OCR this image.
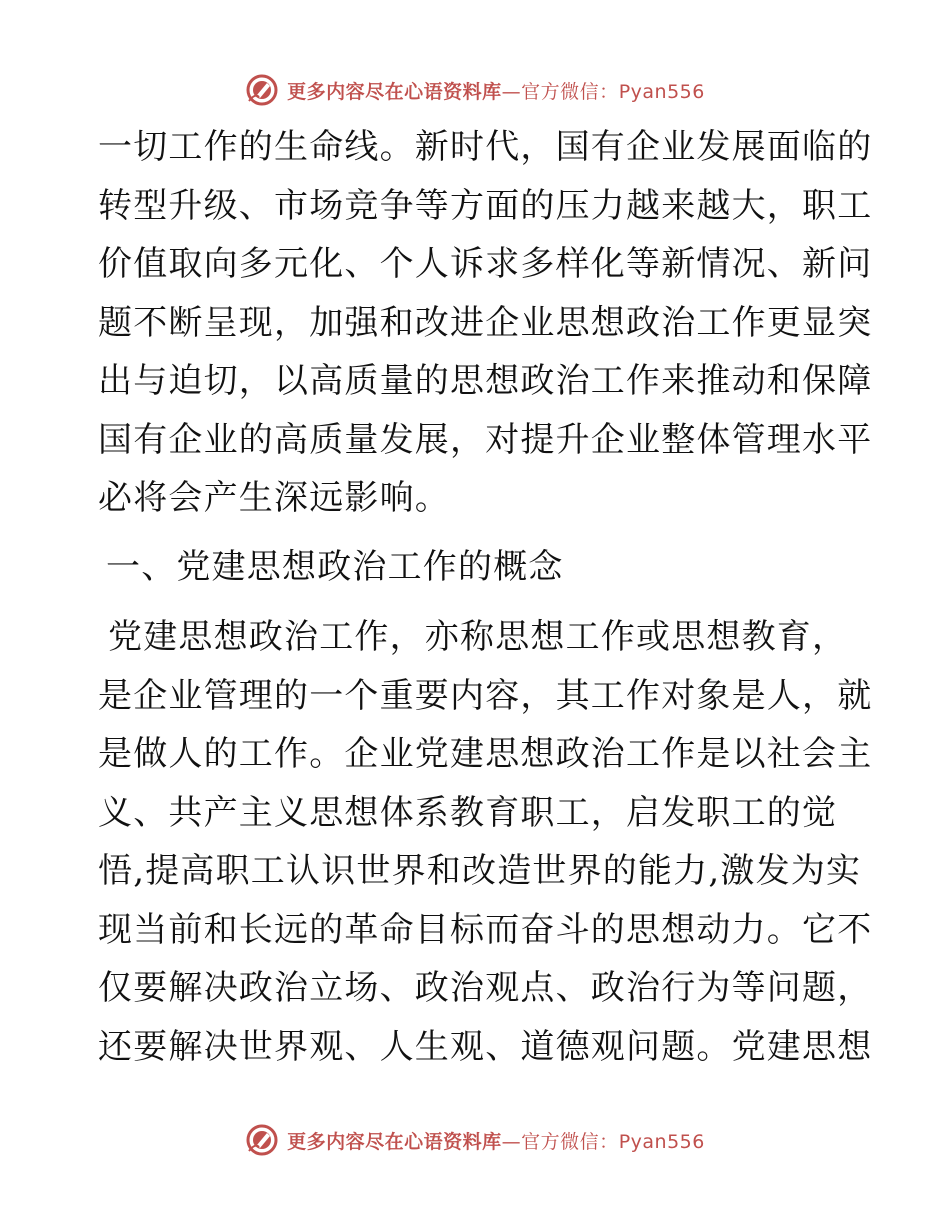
更多内容尽在心语资料库—官方微信：Pyan556
一切工作的生命线。新时代，国有企业发展面临的
转型升级、市场竞争等方面的压力越来越大，职工
价值取向多元化、个人诉求多样化等新情况、新问
题不断呈现，加强和改进企业思想政治工作更显突
出与迫切，以高质量的思想政治工作来推动和保障
国有企业的高质量发展，对提升企业整体管理水平
必将会产生深远影响。
一、党建思想政治工作的概念
党建思想政治工作，亦称思想工作或思想教育，
是企业管理的一个重要内容，其工作对象是人，就
是做人的工作。企业党建思想政治工作是以社会主
义、共产主义思想体系教育职工，启发职工的觉
悟,提高职工认识世界和改造世界的能力,激发为实
现当前和长远的革命目标而奋斗的思想动力。它不
仅要解决政治立场、政治观点、政治行为等问题，
还要解决世界观、人生观、道德观问题。党建思想
更多内容尽在心语资料库—官方微信：Pyan556
